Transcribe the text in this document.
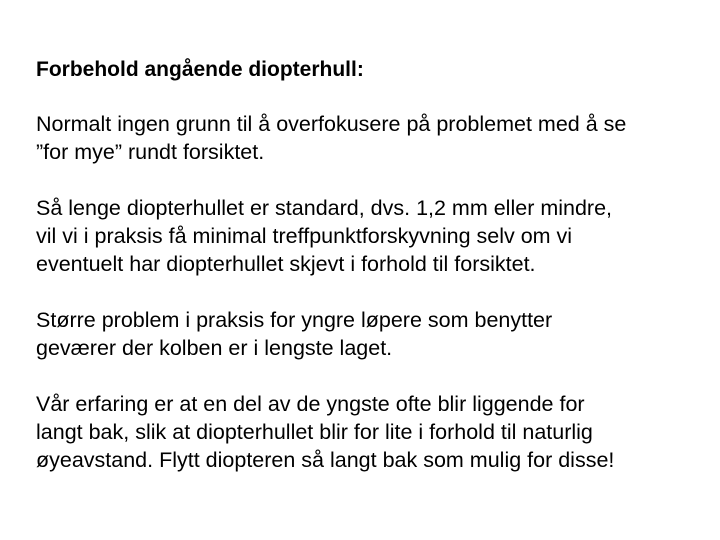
Forbehold angående diopterhull:
Normalt ingen grunn til å overfokusere på problemet med å se
”for mye” rundt forsiktet.
Så lenge diopterhullet er standard, dvs. 1,2 mm eller mindre,
vil vi i praksis få minimal treffpunktforskyvning selv om vi
eventuelt har diopterhullet skjevt i forhold til forsiktet.
Større problem i praksis for yngre løpere som benytter
geværer der kolben er i lengste laget.
Vår erfaring er at en del av de yngste ofte blir liggende for
langt bak, slik at diopterhullet blir for lite i forhold til naturlig
øyeavstand. Flytt diopteren så langt bak som mulig for disse!
